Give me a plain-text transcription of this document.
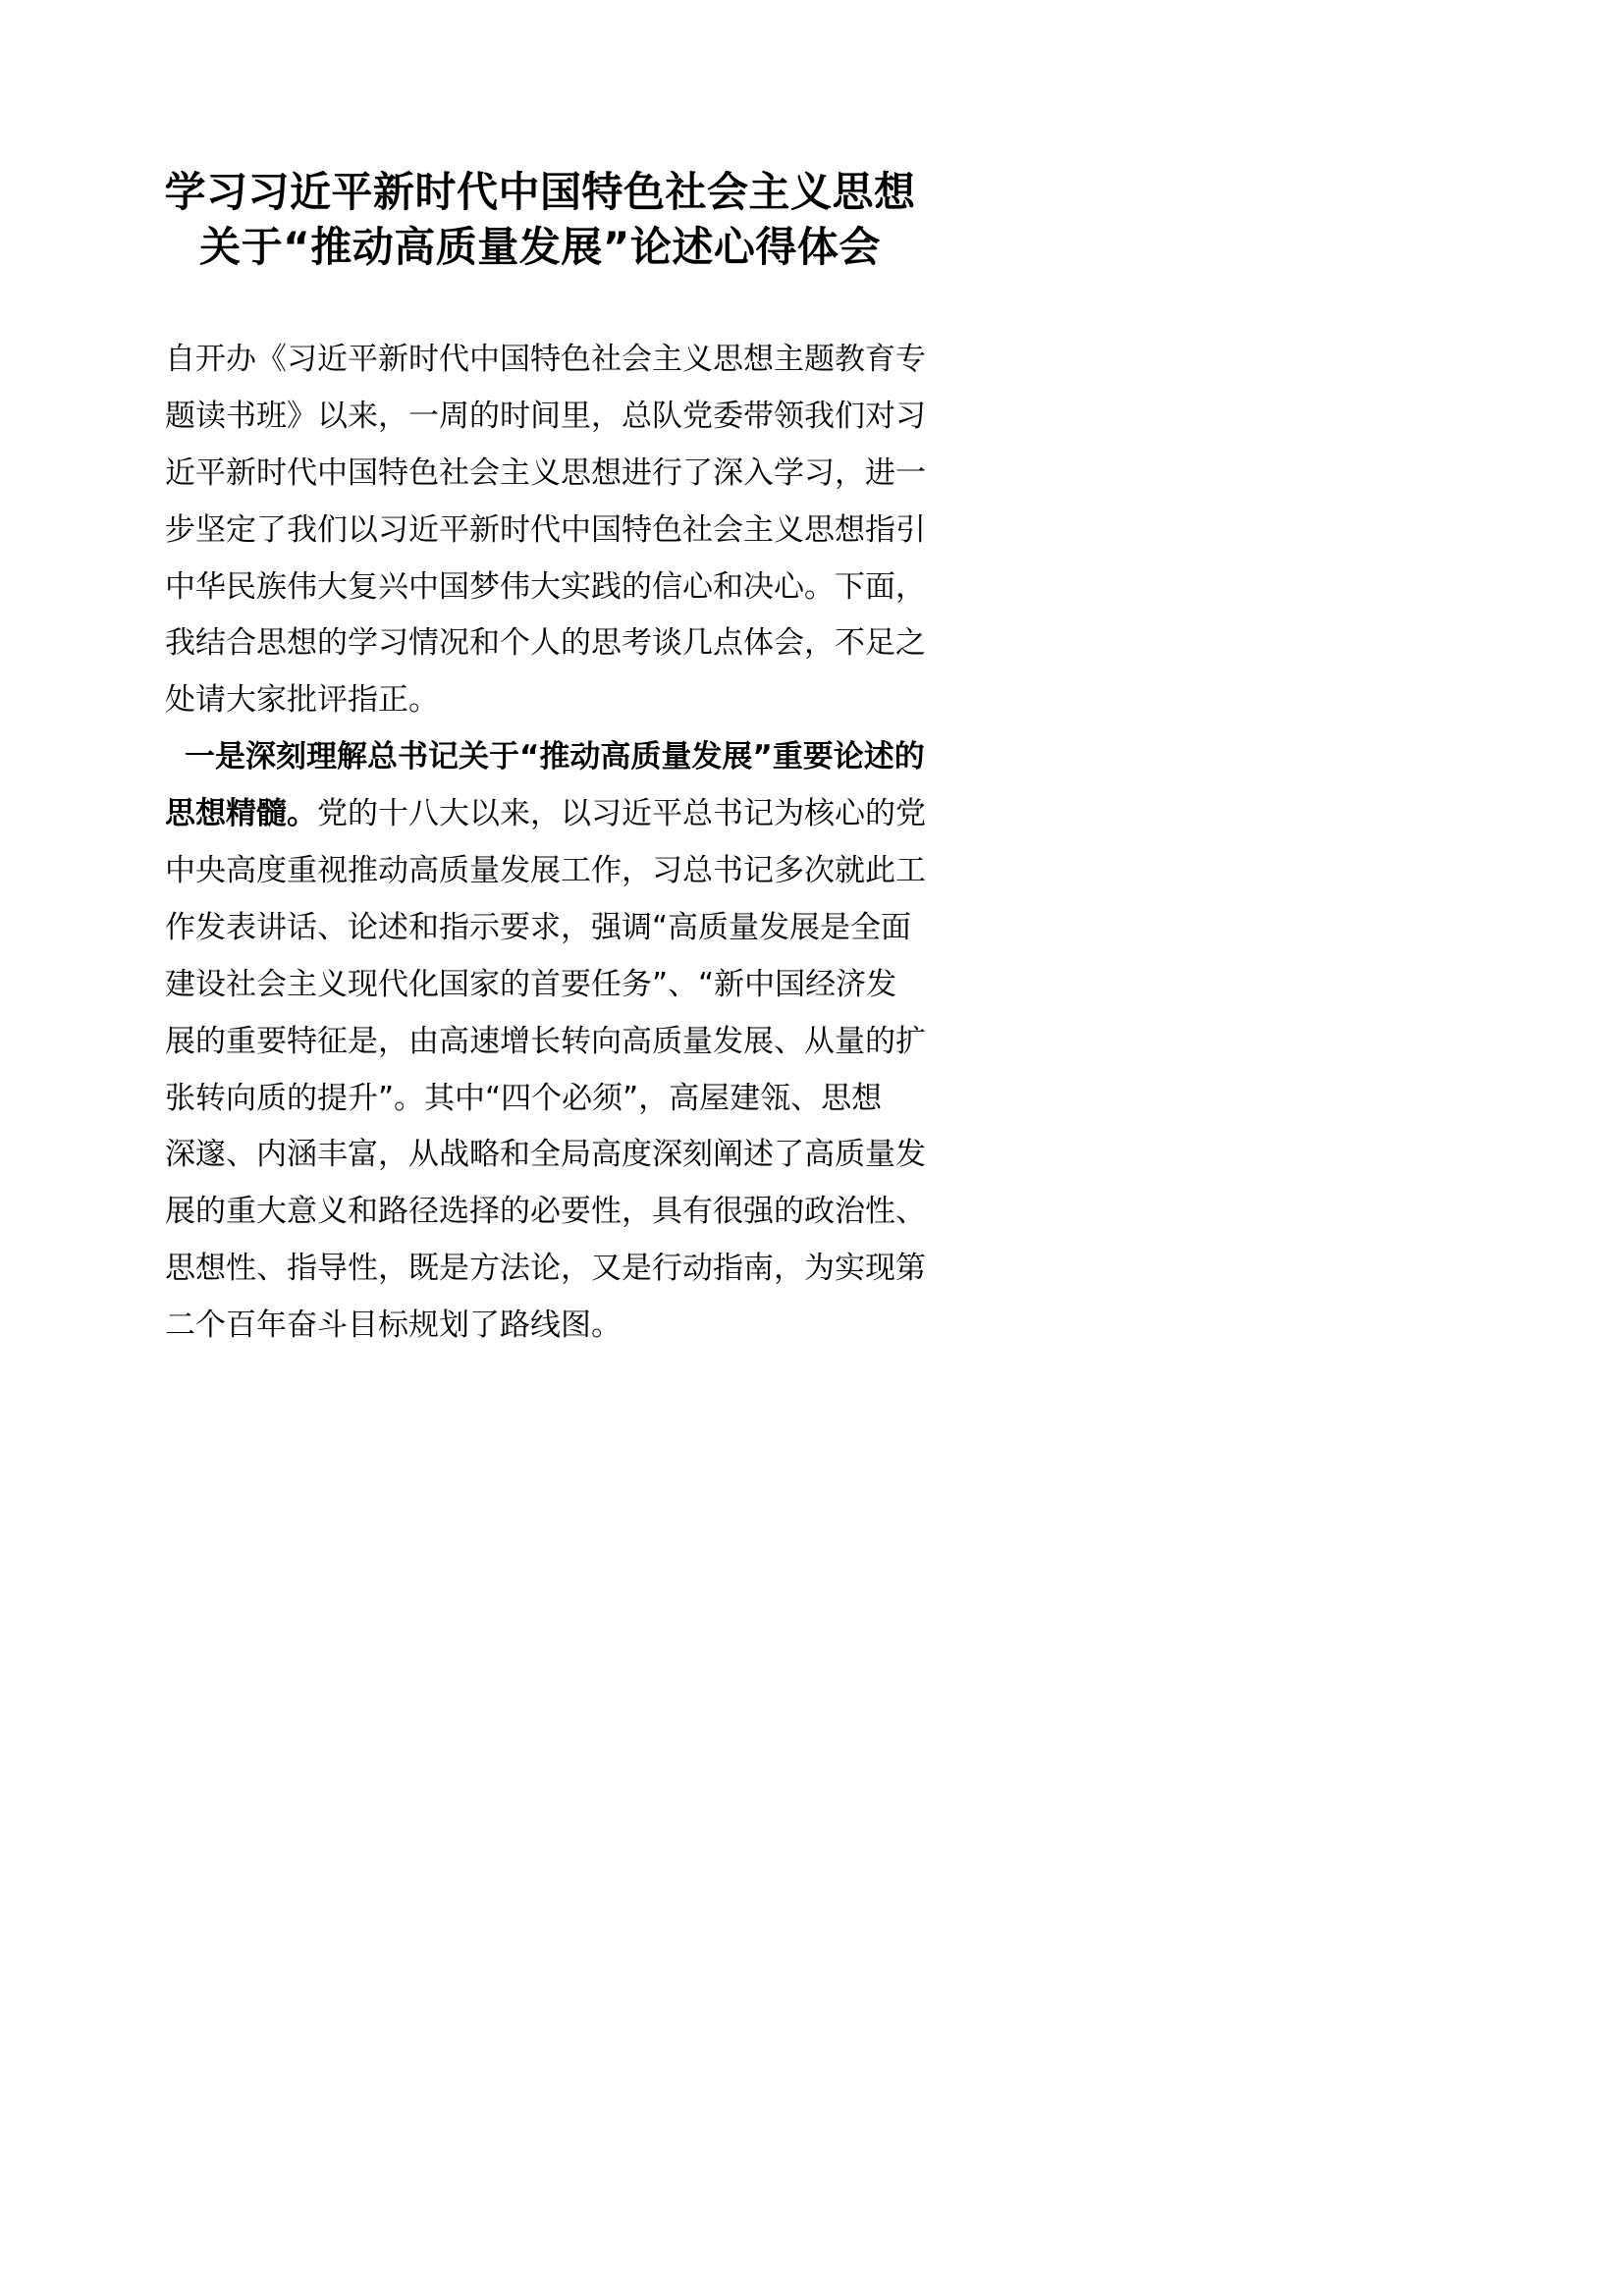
学习习近平新时代中国特色社会主义思想
关于“推动高质量发展”论述心得体会
自开办《习近平新时代中国特色社会主义思想主题教育专
题读书班》以来，一周的时间里，总队党委带领我们对习
近平新时代中国特色社会主义思想进行了深入学习，进一
步坚定了我们以习近平新时代中国特色社会主义思想指引
中华民族伟大复兴中国梦伟大实践的信心和决心。下面，
我结合思想的学习情况和个人的思考谈几点体会，不足之
处请大家批评指正。
一是深刻理解总书记关于“推动高质量发展”重要论述的
思想精髓。党的十八大以来，以习近平总书记为核心的党
中央高度重视推动高质量发展工作，习总书记多次就此工
作发表讲话、论述和指示要求，强调“高质量发展是全面
建设社会主义现代化国家的首要任务”、“新中国经济发
展的重要特征是，由高速增长转向高质量发展、从量的扩
张转向质的提升”。其中“四个必须”，高屋建瓴、思想
深邃、内涵丰富，从战略和全局高度深刻阐述了高质量发
展的重大意义和路径选择的必要性，具有很强的政治性、
思想性、指导性，既是方法论，又是行动指南，为实现第
二个百年奋斗目标规划了路线图。
